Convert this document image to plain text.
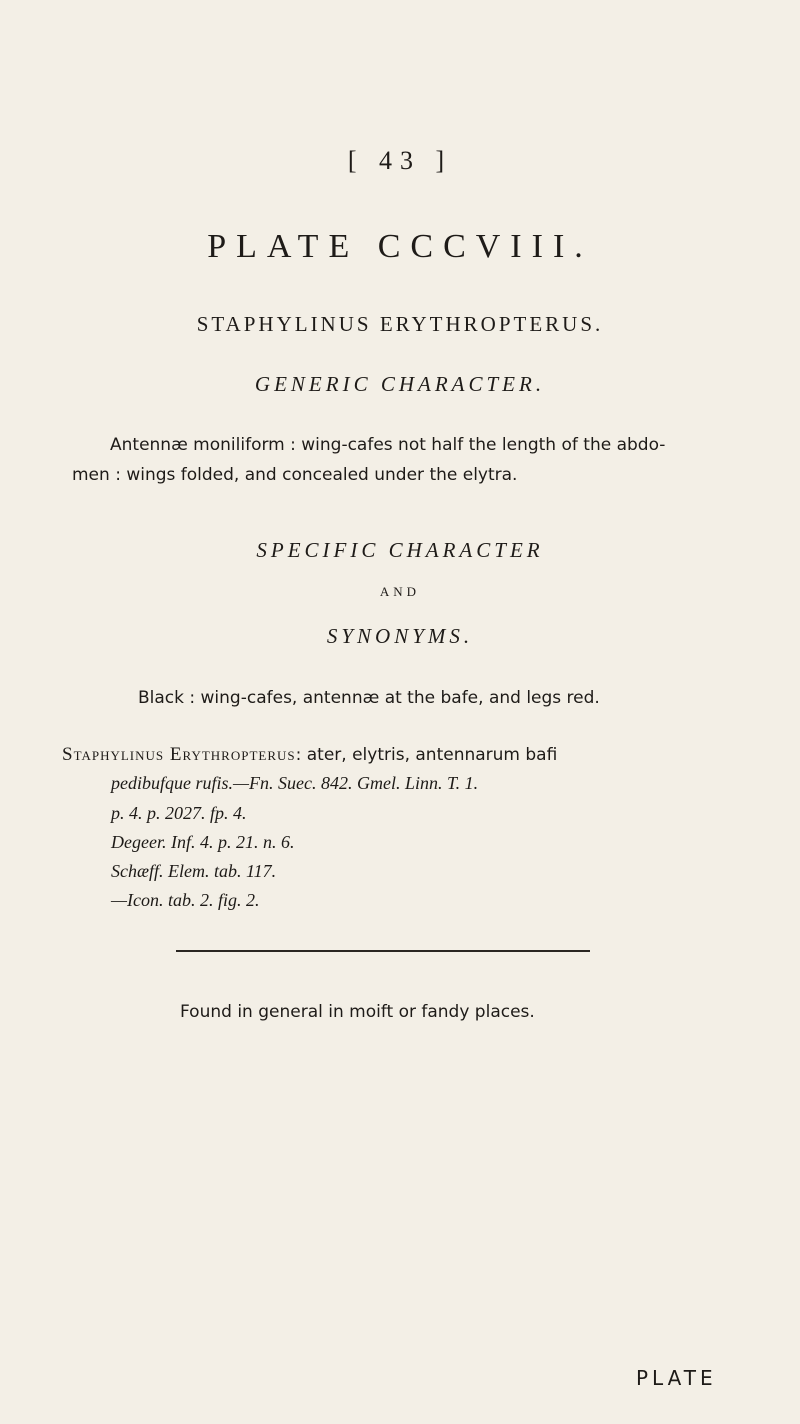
[ 43 ]
PLATE CCCVIII.
STAPHYLINUS ERYTHROPTERUS.
GENERIC CHARACTER.
Antennæ moniliform : wing-cafes not half the length of the abdo-
men : wings folded, and concealed under the elytra.
SPECIFIC CHARACTER
AND
SYNONYMS.
Black : wing-cafes, antennæ at the bafe, and legs red.
Staphylinus Erythropterus: ater, elytris, antennarum bafi
pedibufque rufis.—Fn. Suec. 842. Gmel. Linn. T. 1.
p. 4. p. 2027. fp. 4.
Degeer. Inf. 4. p. 21. n. 6.
Schæff. Elem. tab. 117.
—Icon. tab. 2. fig. 2.
Found in general in moift or fandy places.
PLATE
